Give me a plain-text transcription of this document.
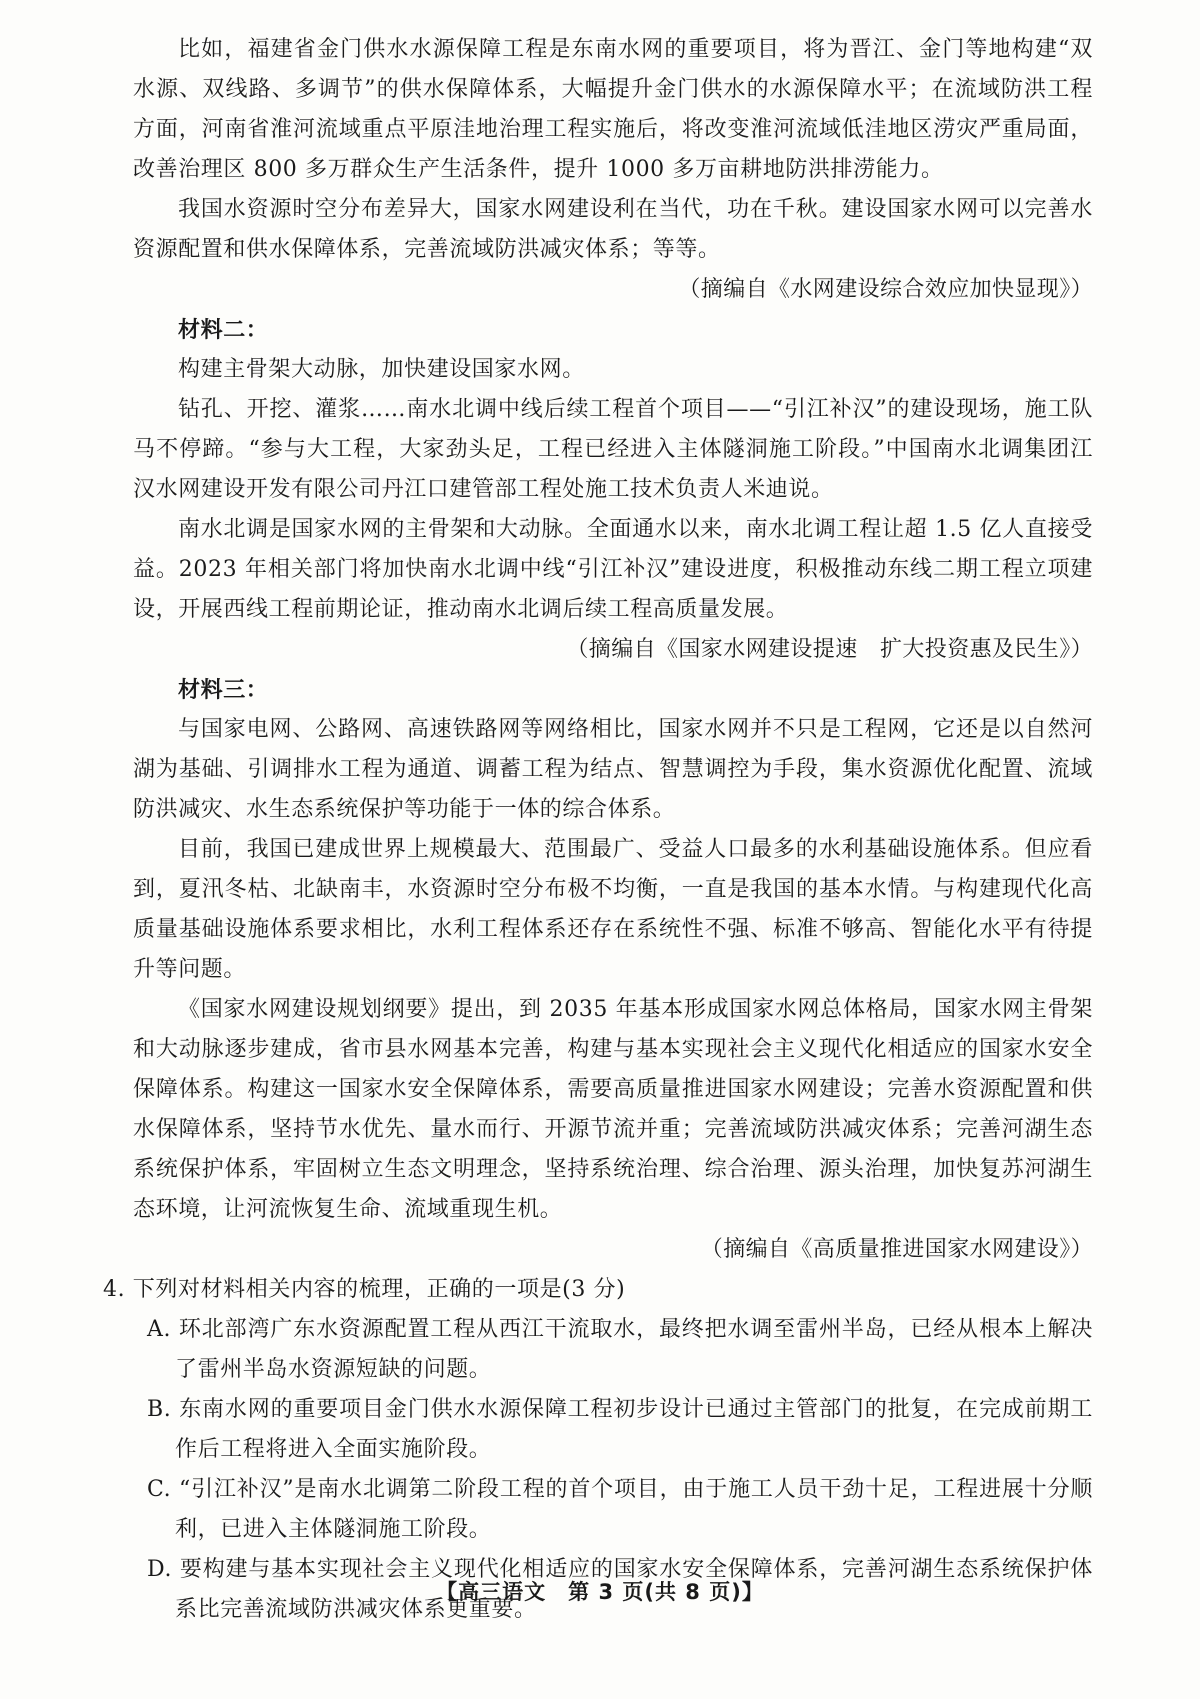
比如，福建省金门供水水源保障工程是东南水网的重要项目，将为晋江、金门等地构建“双水源、双线路、多调节”的供水保障体系，大幅提升金门供水的水源保障水平；在流域防洪工程方面，河南省淮河流域重点平原洼地治理工程实施后，将改变淮河流域低洼地区涝灾严重局面，改善治理区 800 多万群众生产生活条件，提升 1000 多万亩耕地防洪排涝能力。

我国水资源时空分布差异大，国家水网建设利在当代，功在千秋。建设国家水网可以完善水资源配置和供水保障体系，完善流域防洪减灾体系；等等。

（摘编自《水网建设综合效应加快显现》）

材料二：

构建主骨架大动脉，加快建设国家水网。

钻孔、开挖、灌浆……南水北调中线后续工程首个项目——“引江补汉”的建设现场，施工队马不停蹄。“参与大工程，大家劲头足，工程已经进入主体隧洞施工阶段。”中国南水北调集团江汉水网建设开发有限公司丹江口建管部工程处施工技术负责人米迪说。

南水北调是国家水网的主骨架和大动脉。全面通水以来，南水北调工程让超 1.5 亿人直接受益。2023 年相关部门将加快南水北调中线“引江补汉”建设进度，积极推动东线二期工程立项建设，开展西线工程前期论证，推动南水北调后续工程高质量发展。

（摘编自《国家水网建设提速　扩大投资惠及民生》）

材料三：

与国家电网、公路网、高速铁路网等网络相比，国家水网并不只是工程网，它还是以自然河湖为基础、引调排水工程为通道、调蓄工程为结点、智慧调控为手段，集水资源优化配置、流域防洪减灾、水生态系统保护等功能于一体的综合体系。

目前，我国已建成世界上规模最大、范围最广、受益人口最多的水利基础设施体系。但应看到，夏汛冬枯、北缺南丰，水资源时空分布极不均衡，一直是我国的基本水情。与构建现代化高质量基础设施体系要求相比，水利工程体系还存在系统性不强、标准不够高、智能化水平有待提升等问题。

《国家水网建设规划纲要》提出，到 2035 年基本形成国家水网总体格局，国家水网主骨架和大动脉逐步建成，省市县水网基本完善，构建与基本实现社会主义现代化相适应的国家水安全保障体系。构建这一国家水安全保障体系，需要高质量推进国家水网建设；完善水资源配置和供水保障体系，坚持节水优先、量水而行、开源节流并重；完善流域防洪减灾体系；完善河湖生态系统保护体系，牢固树立生态文明理念，坚持系统治理、综合治理、源头治理，加快复苏河湖生态环境，让河流恢复生命、流域重现生机。

（摘编自《高质量推进国家水网建设》）

4. 下列对材料相关内容的梳理，正确的一项是(3 分)

A. 环北部湾广东水资源配置工程从西江干流取水，最终把水调至雷州半岛，已经从根本上解决了雷州半岛水资源短缺的问题。

B. 东南水网的重要项目金门供水水源保障工程初步设计已通过主管部门的批复，在完成前期工作后工程将进入全面实施阶段。

C. “引江补汉”是南水北调第二阶段工程的首个项目，由于施工人员干劲十足，工程进展十分顺利，已进入主体隧洞施工阶段。

D. 要构建与基本实现社会主义现代化相适应的国家水安全保障体系，完善河湖生态系统保护体系比完善流域防洪减灾体系更重要。

【高三语文　第 3 页(共 8 页)】
